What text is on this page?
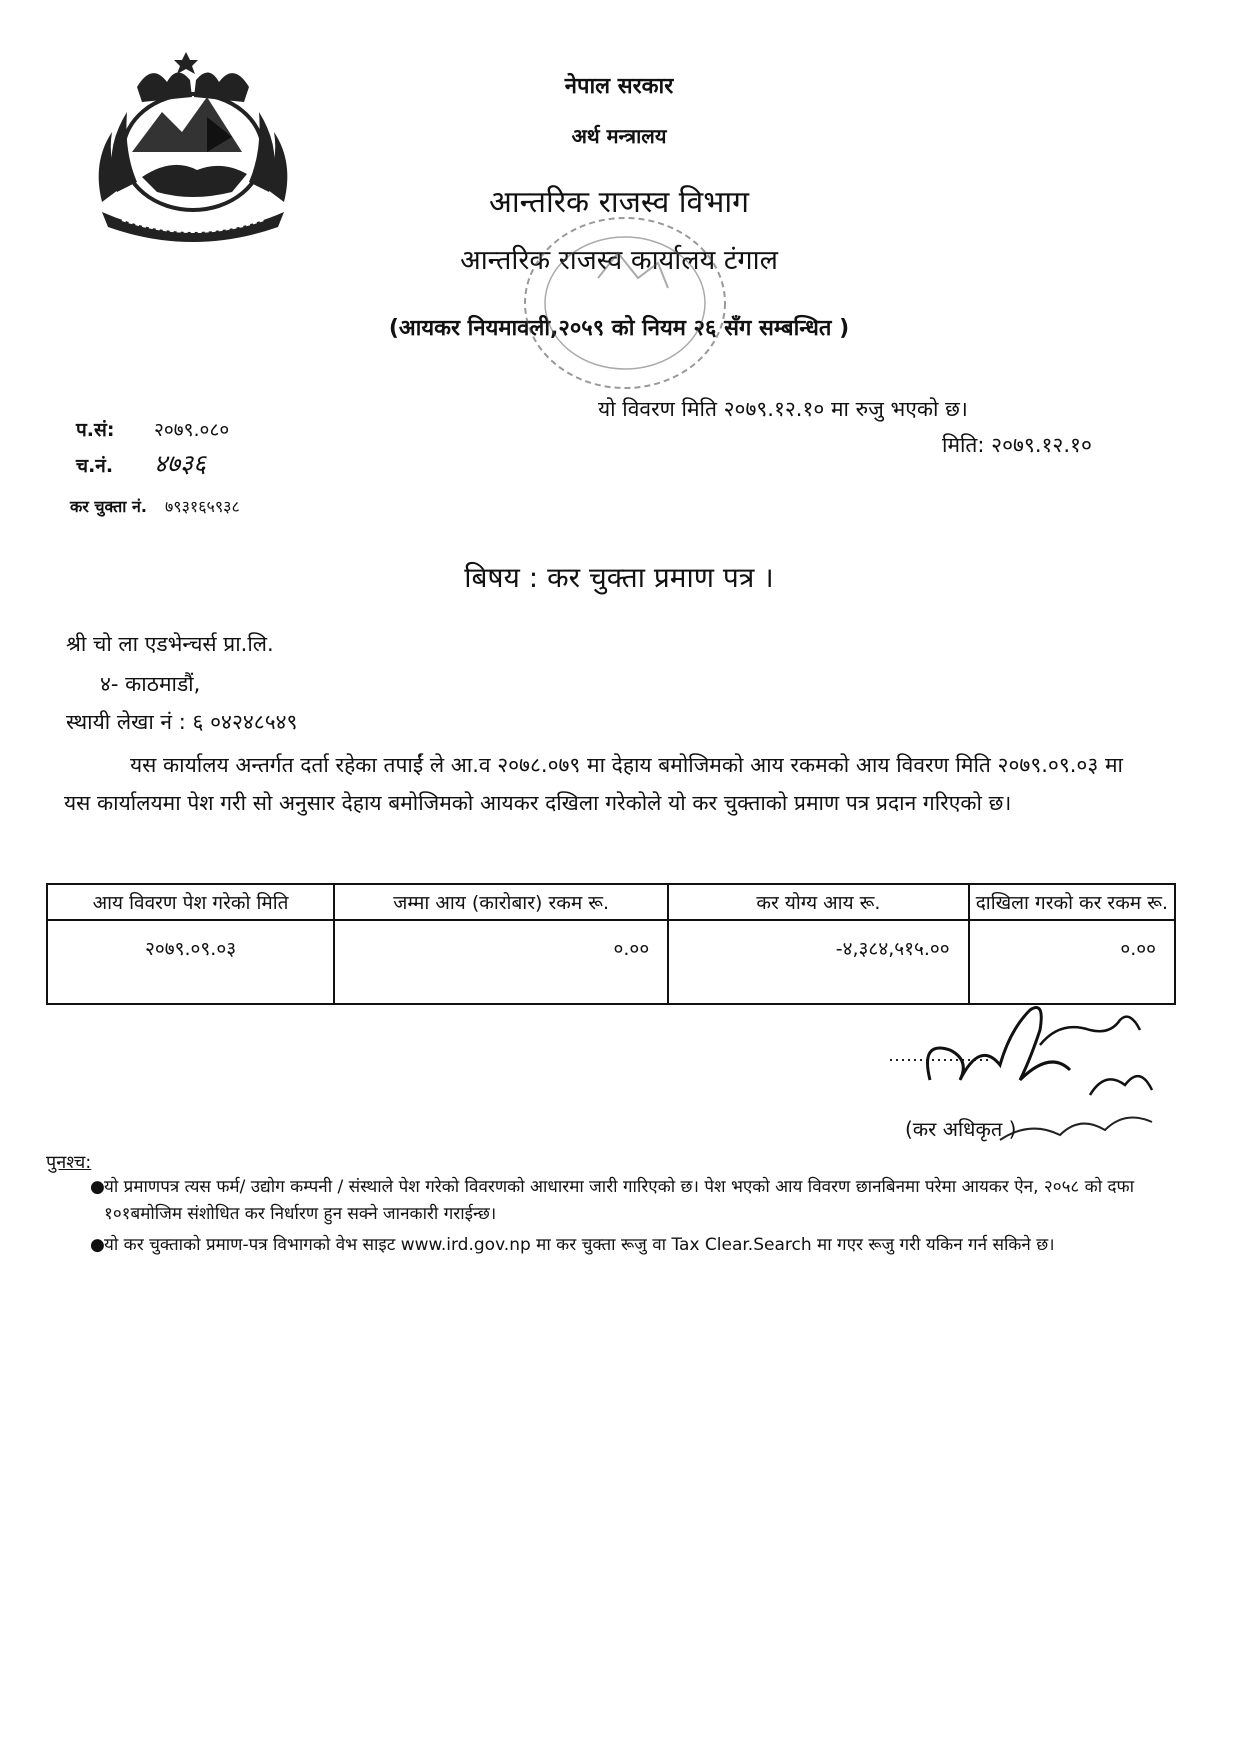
नेपाल सरकार
अर्थ मन्त्रालय
आन्तरिक राजस्व विभाग
आन्तरिक राजस्व कार्यालय टंगाल
(आयकर नियमावली,२०५९ को नियम २६ सँग सम्बन्धित )
यो विवरण मिति २०७९.१२.१० मा रुजु भएको छ।
मिति: २०७९.१२.१०
प.सं: २०७९.०८०
च.नं. ४७३६
कर चुक्ता नं. ७९३१६५९३८
बिषय : कर चुक्ता प्रमाण पत्र ।
श्री चो ला एडभेन्चर्स प्रा.लि.
४- काठमाडौं,
स्थायी लेखा नं : ६ ०४२४८५४९
यस कार्यालय अन्तर्गत दर्ता रहेका तपाईं ले आ.व २०७८.०७९ मा देहाय बमोजिमको आय रकमको आय विवरण मिति २०७९.०९.०३ मा यस कार्यालयमा पेश गरी सो अनुसार देहाय बमोजिमको आयकर दखिला गरेकोले यो कर चुक्ताको प्रमाण पत्र प्रदान गरिएको छ।
आय विवरण पेश गरेको मिति	जम्मा आय (कारोबार) रकम रू.	कर योग्य आय रू.	दाखिला गरको कर रकम रू.
२०७९.०९.०३	०.००	-४,३८४,५१५.००	०.००
(कर अधिकृत )
पुनश्च:
● यो प्रमाणपत्र त्यस फर्म/ उद्योग कम्पनी / संस्थाले पेश गरेको विवरणको आधारमा जारी गारिएको छ। पेश भएको आय विवरण छानबिनमा परेमा आयकर ऐन, २०५८ को दफा १०१बमोजिम संशोधित कर निर्धारण हुन सक्ने जानकारी गराईन्छ।
● यो कर चुक्ताको प्रमाण-पत्र विभागको वेभ साइट www.ird.gov.np मा कर चुक्ता रूजु वा Tax Clear.Search मा गएर रूजु गरी यकिन गर्न सकिने छ।
